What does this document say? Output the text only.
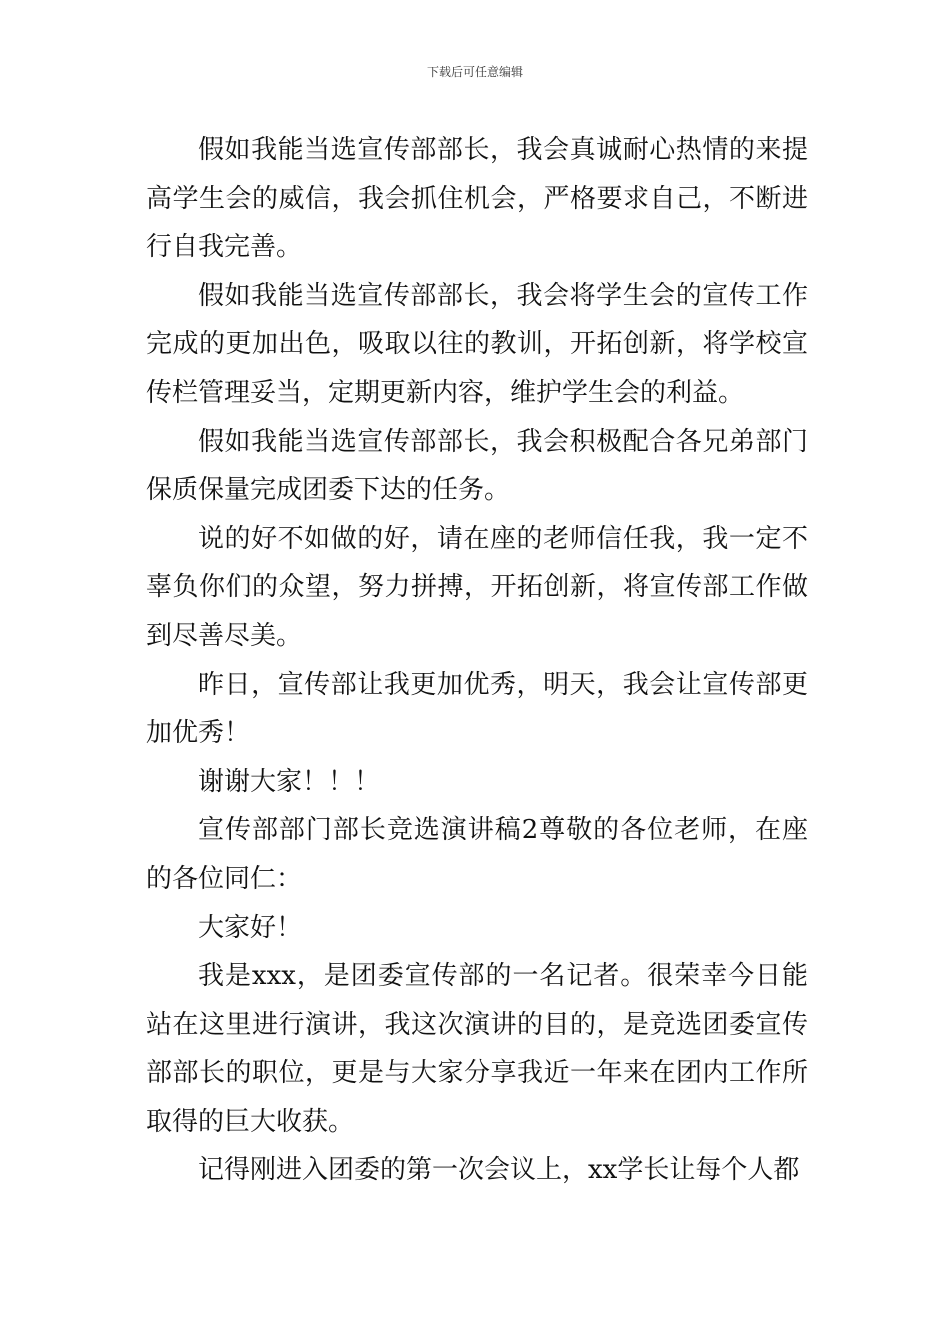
下载后可任意编辑

假如我能当选宣传部部长，我会真诚耐心热情的来提高学生会的威信，我会抓住机会，严格要求自己，不断进行自我完善。

假如我能当选宣传部部长，我会将学生会的宣传工作完成的更加出色，吸取以往的教训，开拓创新，将学校宣传栏管理妥当，定期更新内容，维护学生会的利益。

假如我能当选宣传部部长，我会积极配合各兄弟部门保质保量完成团委下达的任务。

说的好不如做的好，请在座的老师信任我，我一定不辜负你们的众望，努力拼搏，开拓创新，将宣传部工作做到尽善尽美。

昨日，宣传部让我更加优秀，明天，我会让宣传部更加优秀！

谢谢大家！！！

宣传部部门部长竞选演讲稿2尊敬的各位老师，在座的各位同仁：

大家好！

我是xxx，是团委宣传部的一名记者。很荣幸今日能站在这里进行演讲，我这次演讲的目的，是竞选团委宣传部部长的职位，更是与大家分享我近一年来在团内工作所取得的巨大收获。

记得刚进入团委的第一次会议上，xx学长让每个人都
